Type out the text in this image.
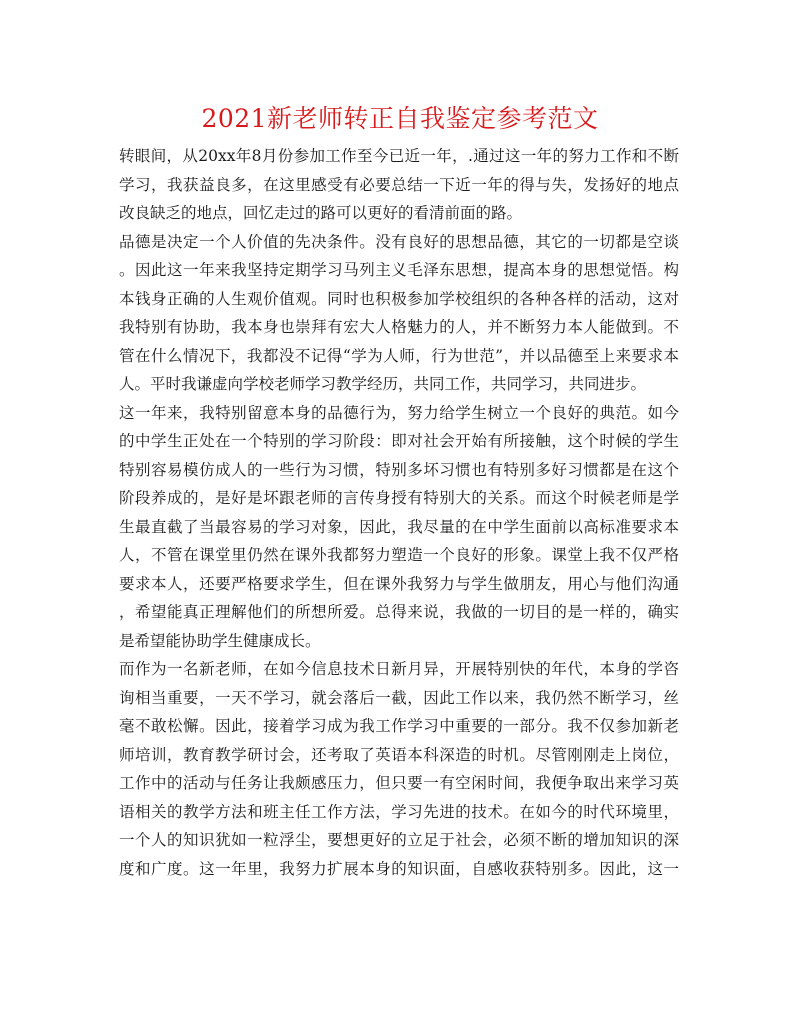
2021新老师转正自我鉴定参考范文
转眼间，从20xx年8月份参加工作至今已近一年，.通过这一年的努力工作和不断
学习，我获益良多，在这里感受有必要总结一下近一年的得与失，发扬好的地点
改良缺乏的地点，回忆走过的路可以更好的看清前面的路。
品德是决定一个人价值的先决条件。没有良好的思想品德，其它的一切都是空谈
。因此这一年来我坚持定期学习马列主义毛泽东思想，提高本身的思想觉悟。构
本钱身正确的人生观价值观。同时也积极参加学校组织的各种各样的活动，这对
我特别有协助，我本身也崇拜有宏大人格魅力的人，并不断努力本人能做到。不
管在什么情况下，我都没不记得“学为人师，行为世范”，并以品德至上来要求本
人。平时我谦虚向学校老师学习教学经历，共同工作，共同学习，共同进步。
这一年来，我特别留意本身的品德行为，努力给学生树立一个良好的典范。如今
的中学生正处在一个特别的学习阶段：即对社会开始有所接触，这个时候的学生
特别容易模仿成人的一些行为习惯，特别多坏习惯也有特别多好习惯都是在这个
阶段养成的，是好是坏跟老师的言传身授有特别大的关系。而这个时候老师是学
生最直截了当最容易的学习对象，因此，我尽量的在中学生面前以高标准要求本
人，不管在课堂里仍然在课外我都努力塑造一个良好的形象。课堂上我不仅严格
要求本人，还要严格要求学生，但在课外我努力与学生做朋友，用心与他们沟通
，希望能真正理解他们的所想所爱。总得来说，我做的一切目的是一样的，确实
是希望能协助学生健康成长。
而作为一名新老师，在如今信息技术日新月异，开展特别快的年代，本身的学咨
询相当重要，一天不学习，就会落后一截，因此工作以来，我仍然不断学习，丝
毫不敢松懈。因此，接着学习成为我工作学习中重要的一部分。我不仅参加新老
师培训，教育教学研讨会，还考取了英语本科深造的时机。尽管刚刚走上岗位，
工作中的活动与任务让我颇感压力，但只要一有空闲时间，我便争取出来学习英
语相关的教学方法和班主任工作方法，学习先进的技术。在如今的时代环境里，
一个人的知识犹如一粒浮尘，要想更好的立足于社会，必须不断的增加知识的深
度和广度。这一年里，我努力扩展本身的知识面，自感收获特别多。因此，这一
